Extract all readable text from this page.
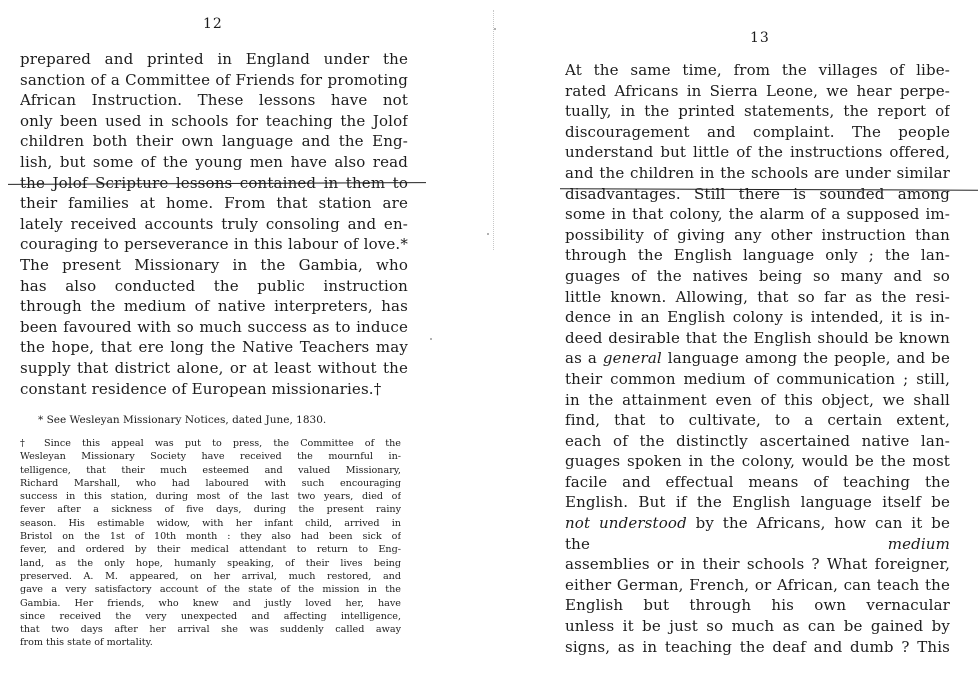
12
prepared and printed in England under the
sanction of a Committee of Friends for promoting
African Instruction. These lessons have not
only been used in schools for teaching the Jolof
children both their own language and the Eng-
lish, but some of the young men have also read
the Jolof Scripture lessons contained in them to
their families at home. From that station are
lately received accounts truly consoling and en-
couraging to perseverance in this labour of love.*
The present Missionary in the Gambia, who
has also conducted the public instruction
through the medium of native interpreters, has
been favoured with so much success as to induce
the hope, that ere long the Native Teachers may
supply that district alone, or at least without the
constant residence of European missionaries.†
* See Wesleyan Missionary Notices, dated June, 1830.
† Since this appeal was put to press, the Committee of the
Wesleyan Missionary Society have received the mournful in-
telligence, that their much esteemed and valued Missionary,
Richard Marshall, who had laboured with such encouraging
success in this station, during most of the last two years, died of
fever after a sickness of five days, during the present rainy
season. His estimable widow, with her infant child, arrived in
Bristol on the 1st of 10th month : they also had been sick of
fever, and ordered by their medical attendant to return to Eng-
land, as the only hope, humanly speaking, of their lives being
preserved. A. M. appeared, on her arrival, much restored, and
gave a very satisfactory account of the state of the mission in the
Gambia. Her friends, who knew and justly loved her, have
since received the very unexpected and affecting intelligence,
that two days after her arrival she was suddenly called away
from this state of mortality.
13
At the same time, from the villages of libe-
rated Africans in Sierra Leone, we hear perpe-
tually, in the printed statements, the report of
discouragement and complaint. The people
understand but little of the instructions offered,
and the children in the schools are under similar
disadvantages. Still there is sounded among
some in that colony, the alarm of a supposed im-
possibility of giving any other instruction than
through the English language only ; the lan-
guages of the natives being so many and so
little known. Allowing, that so far as the resi-
dence in an English colony is intended, it is in-
deed desirable that the English should be known
as a general language among the people, and be
their common medium of communication ; still,
in the attainment even of this object, we shall
find, that to cultivate, to a certain extent,
each of the distinctly ascertained native lan-
guages spoken in the colony, would be the most
facile and effectual means of teaching the
English. But if the English language itself be
not understood by the Africans, how can it be
the medium
assemblies or in their schools ? What foreigner,
either German, French, or African, can teach the
English but through his own vernacular
unless it be just so much as can be gained by
signs, as in teaching the deaf and dumb ? This
